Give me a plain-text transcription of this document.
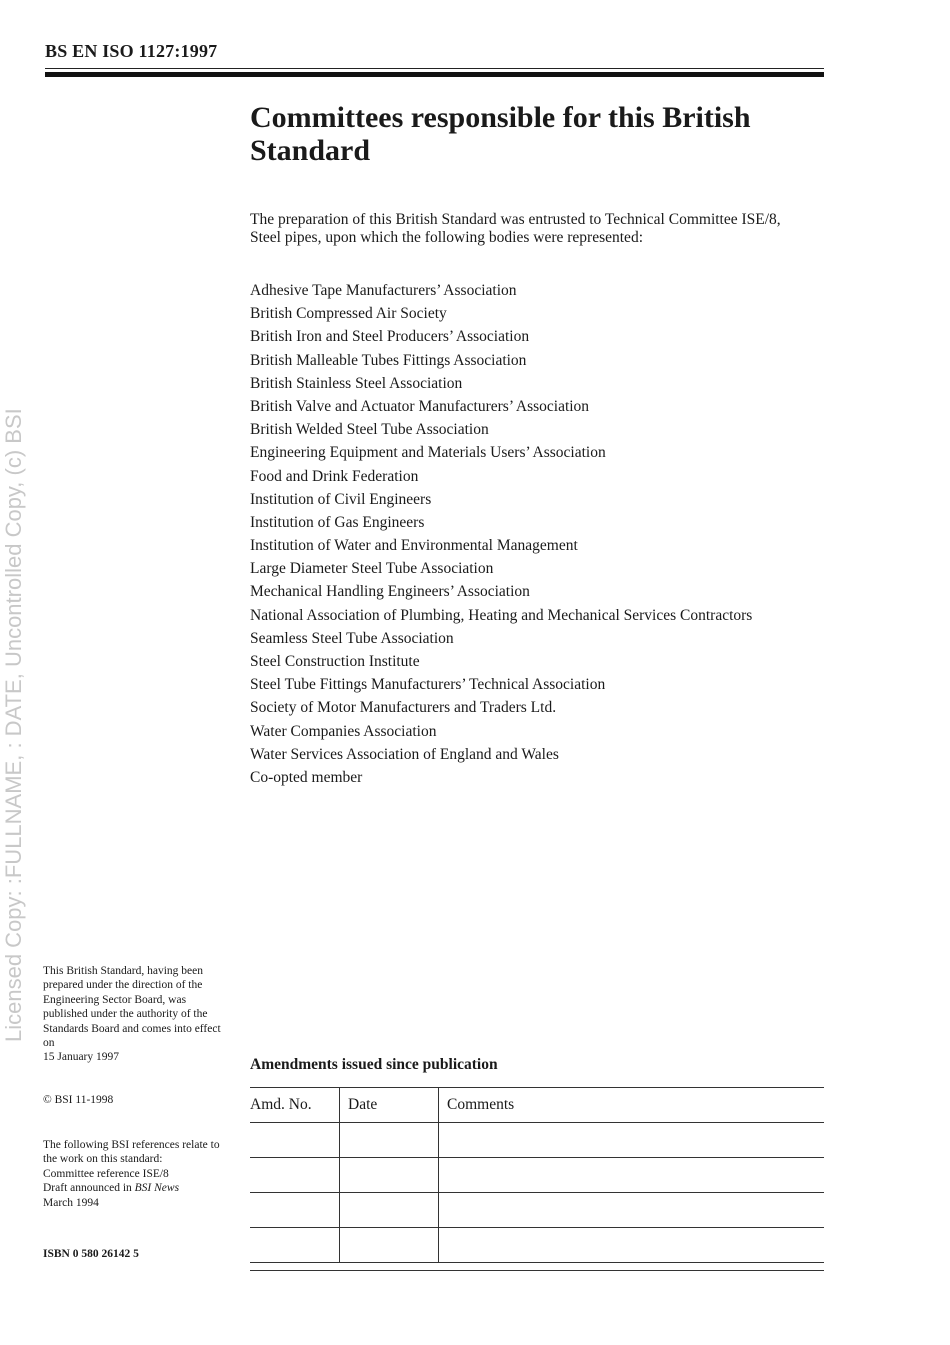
BS EN ISO 1127:1997
Committees responsible for this British Standard

The preparation of this British Standard was entrusted to Technical Committee ISE/8, Steel pipes, upon which the following bodies were represented:

Adhesive Tape Manufacturers’ Association
British Compressed Air Society
British Iron and Steel Producers’ Association
British Malleable Tubes Fittings Association
British Stainless Steel Association
British Valve and Actuator Manufacturers’ Association
British Welded Steel Tube Association
Engineering Equipment and Materials Users’ Association
Food and Drink Federation
Institution of Civil Engineers
Institution of Gas Engineers
Institution of Water and Environmental Management
Large Diameter Steel Tube Association
Mechanical Handling Engineers’ Association
National Association of Plumbing, Heating and Mechanical Services Contractors
Seamless Steel Tube Association
Steel Construction Institute
Steel Tube Fittings Manufacturers’ Technical Association
Society of Motor Manufacturers and Traders Ltd.
Water Companies Association
Water Services Association of England and Wales
Co-opted member
Licensed Copy: :FULLNAME, : DATE, Uncontrolled Copy, (c) BSI This British Standard, having been prepared under the direction of the Engineering Sector Board, was published under the authority of the Standards Board and comes into effect on
15 January 1997

© BSI 11-1998

The following BSI references relate to the work on this standard:
Committee reference ISE/8
Draft announced in BSI News
March 1994

ISBN 0 580 26142 5

Amendments issued since publication
Amd. No.	Date	Comments
